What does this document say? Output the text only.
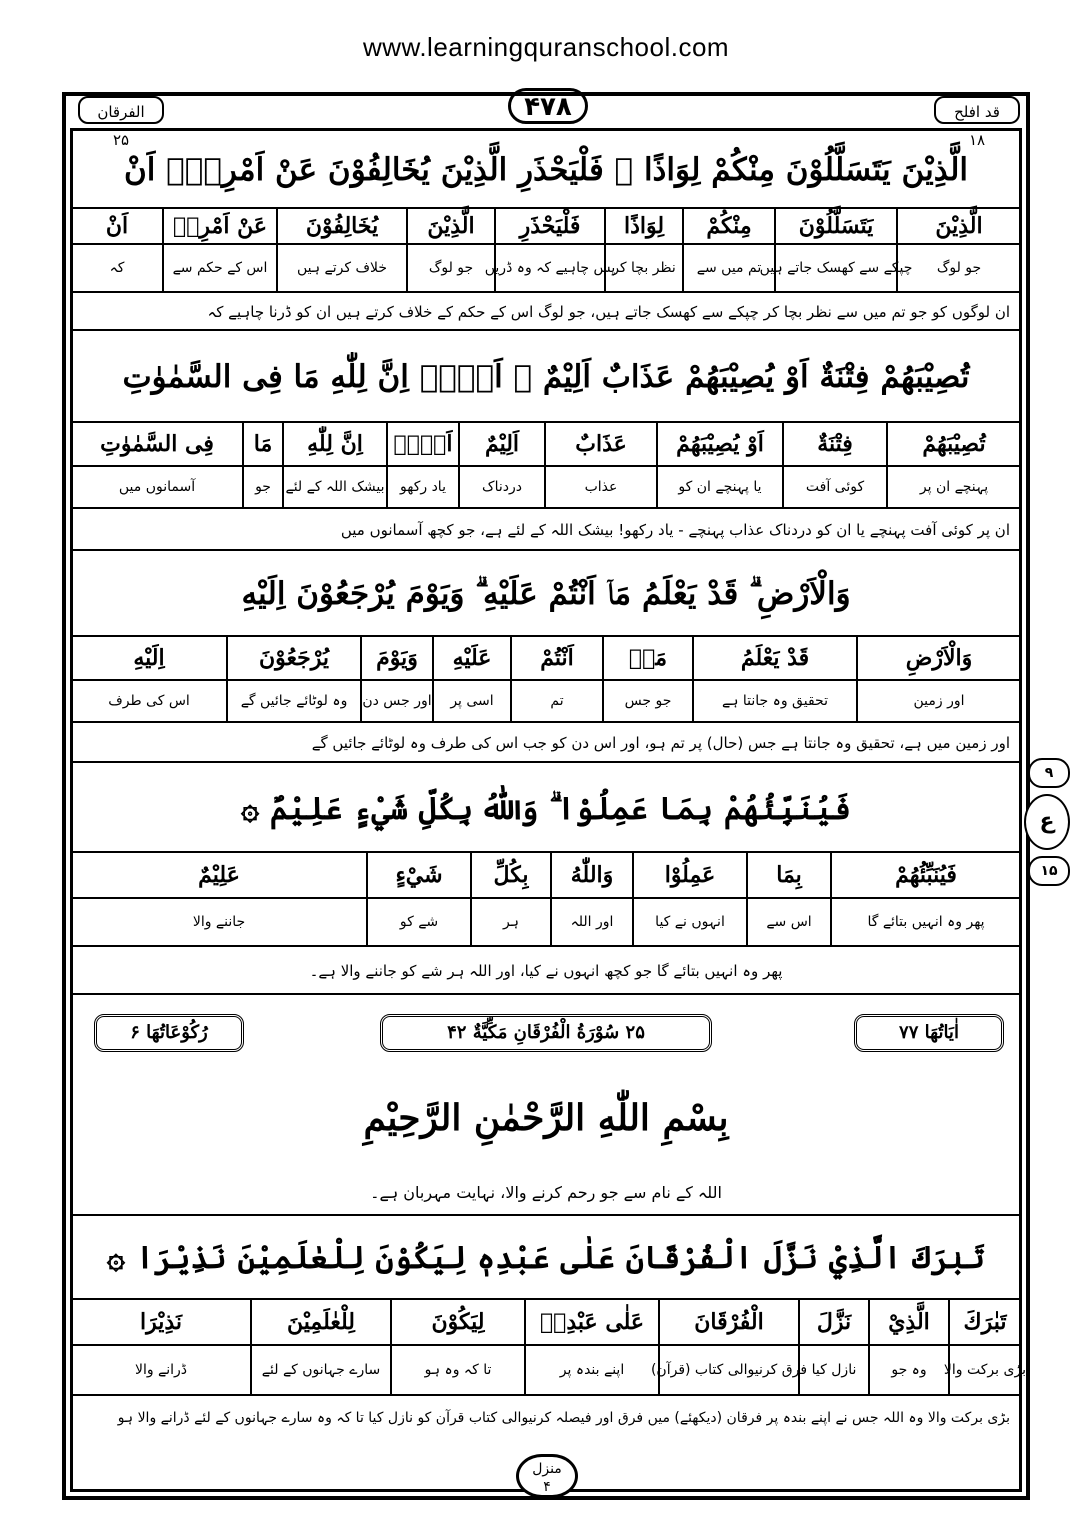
www.learningquranschool.com
الفرقان ۲۵
۴۷۸	قد افلح ۱۸
الَّذِيْنَ يَتَسَلَّلُوْنَ مِنْكُمْ لِوَاذًا ۚ فَلْيَحْذَرِ الَّذِيْنَ يُخَالِفُوْنَ عَنْ اَمْرِهٖۤ اَنْ
الَّذِيْنَ
يَتَسَلَّلُوْنَ
مِنْكُمْ
لِوَاذًا
فَلْيَحْذَرِ
الَّذِيْنَ
يُخَالِفُوْنَ
عَنْ اَمْرِهٖ
اَنْ
جو لوگ
چپکے سے کھسک جاتے ہیں
تم میں سے
نظر بچا کر
پس چاہیے کہ وہ ڈریں
جو لوگ
خلاف کرتے ہیں
اس کے حکم سے
کہ
ان لوگوں کو جو تم میں سے نظر بچا کر چپکے سے کھسک جاتے ہیں، جو لوگ اس کے حکم کے خلاف کرتے ہیں ان کو ڈرنا چاہیے کہ
تُصِيْبَهُمْ فِتْنَةٌ اَوْ يُصِيْبَهُمْ عَذَابٌ اَلِيْمٌ ۞ اَلَاۤ اِنَّ لِلّٰهِ مَا فِى السَّمٰوٰتِ
تُصِيْبَهُمْ
فِتْنَةٌ
اَوْ يُصِيْبَهُمْ
عَذَابٌ
اَلِيْمٌ
اَلَاۤ
اِنَّ لِلّٰهِ
مَا
فِى السَّمٰوٰتِ
پہنچے ان پر
کوئی آفت
یا پہنچے ان کو
عذاب
دردناک
یاد رکھو
بیشک اللہ کے لئے
جو
آسمانوں میں
ان پر کوئی آفت پہنچے یا ان کو دردناک عذاب پہنچے - یاد رکھو! بیشک اللہ کے لئے ہے، جو کچھ آسمانوں میں
وَالْاَرْضِ ۗ قَدْ يَعْلَمُ مَاۤ اَنْتُمْ عَلَيْهِ ۗ وَيَوْمَ يُرْجَعُوْنَ اِلَيْهِ
وَالْاَرْضِ
قَدْ يَعْلَمُ
مَاۤ
اَنْتُمْ
عَلَيْهِ
وَيَوْمَ
يُرْجَعُوْنَ
اِلَيْهِ
اور زمین
تحقیق وہ جانتا ہے
جو جس
تم
اسی پر
اور جس دن
وہ لوٹائے جائیں گے
اس کی طرف
اور زمین میں ہے، تحقیق وہ جانتا ہے جس (حال) پر تم ہو، اور اس دن کو جب اس کی طرف وہ لوٹائے جائیں گے
فَيُنَبِّئُهُمْ بِمَا عَمِلُوْا ۗ وَاللّٰهُ بِكُلِّ شَيْءٍ عَلِيْمٌ ۞
فَيُنَبِّئُهُمْ
بِمَا
عَمِلُوْا
وَاللّٰهُ
بِكُلِّ
شَيْءٍ
عَلِيْمٌ
پھر وہ انہیں بتائے گا
اس سے
انہوں نے کیا
اور اللہ
ہر
شے کو
جاننے والا
پھر وہ انہیں بتائے گا جو کچھ انہوں نے کیا، اور اللہ ہر شے کو جاننے والا ہے۔
۹
ع
۱۵
اٰيَاتُهَا ۷۷
۲۵ سُوْرَةُ الْفُرْقَانِ مَكِّيَّةٌ ۴۲
رُكُوْعَاتُهَا ۶
بِسْمِ اللّٰهِ الرَّحْمٰنِ الرَّحِيْمِ
اللہ کے نام سے جو رحم کرنے والا، نہایت مہربان ہے۔
تَبٰرَكَ الَّذِيْ نَزَّلَ الْفُرْقَانَ عَلٰى عَبْدِهٖ لِيَكُوْنَ لِلْعٰلَمِيْنَ نَذِيْرَا ۞
تَبٰرَكَ
الَّذِيْ
نَزَّلَ
الْفُرْقَانَ
عَلٰى عَبْدِهٖ
لِيَكُوْنَ
لِلْعٰلَمِيْنَ
نَذِيْرَا
بڑی برکت والا
وہ جو
نازل کیا
فرق کرنیوالی کتاب (قرآن)
اپنے بندہ پر
تا کہ وہ ہو
سارے جہانوں کے لئے
ڈرانے والا
بڑی برکت والا وہ اللہ جس نے اپنے بندہ پر فرقان (دیکھئے) میں فرق اور فیصلہ کرنیوالی کتاب قرآن کو نازل کیا تا کہ وہ سارے جہانوں کے لئے ڈرانے والا ہو
منزل
۴
